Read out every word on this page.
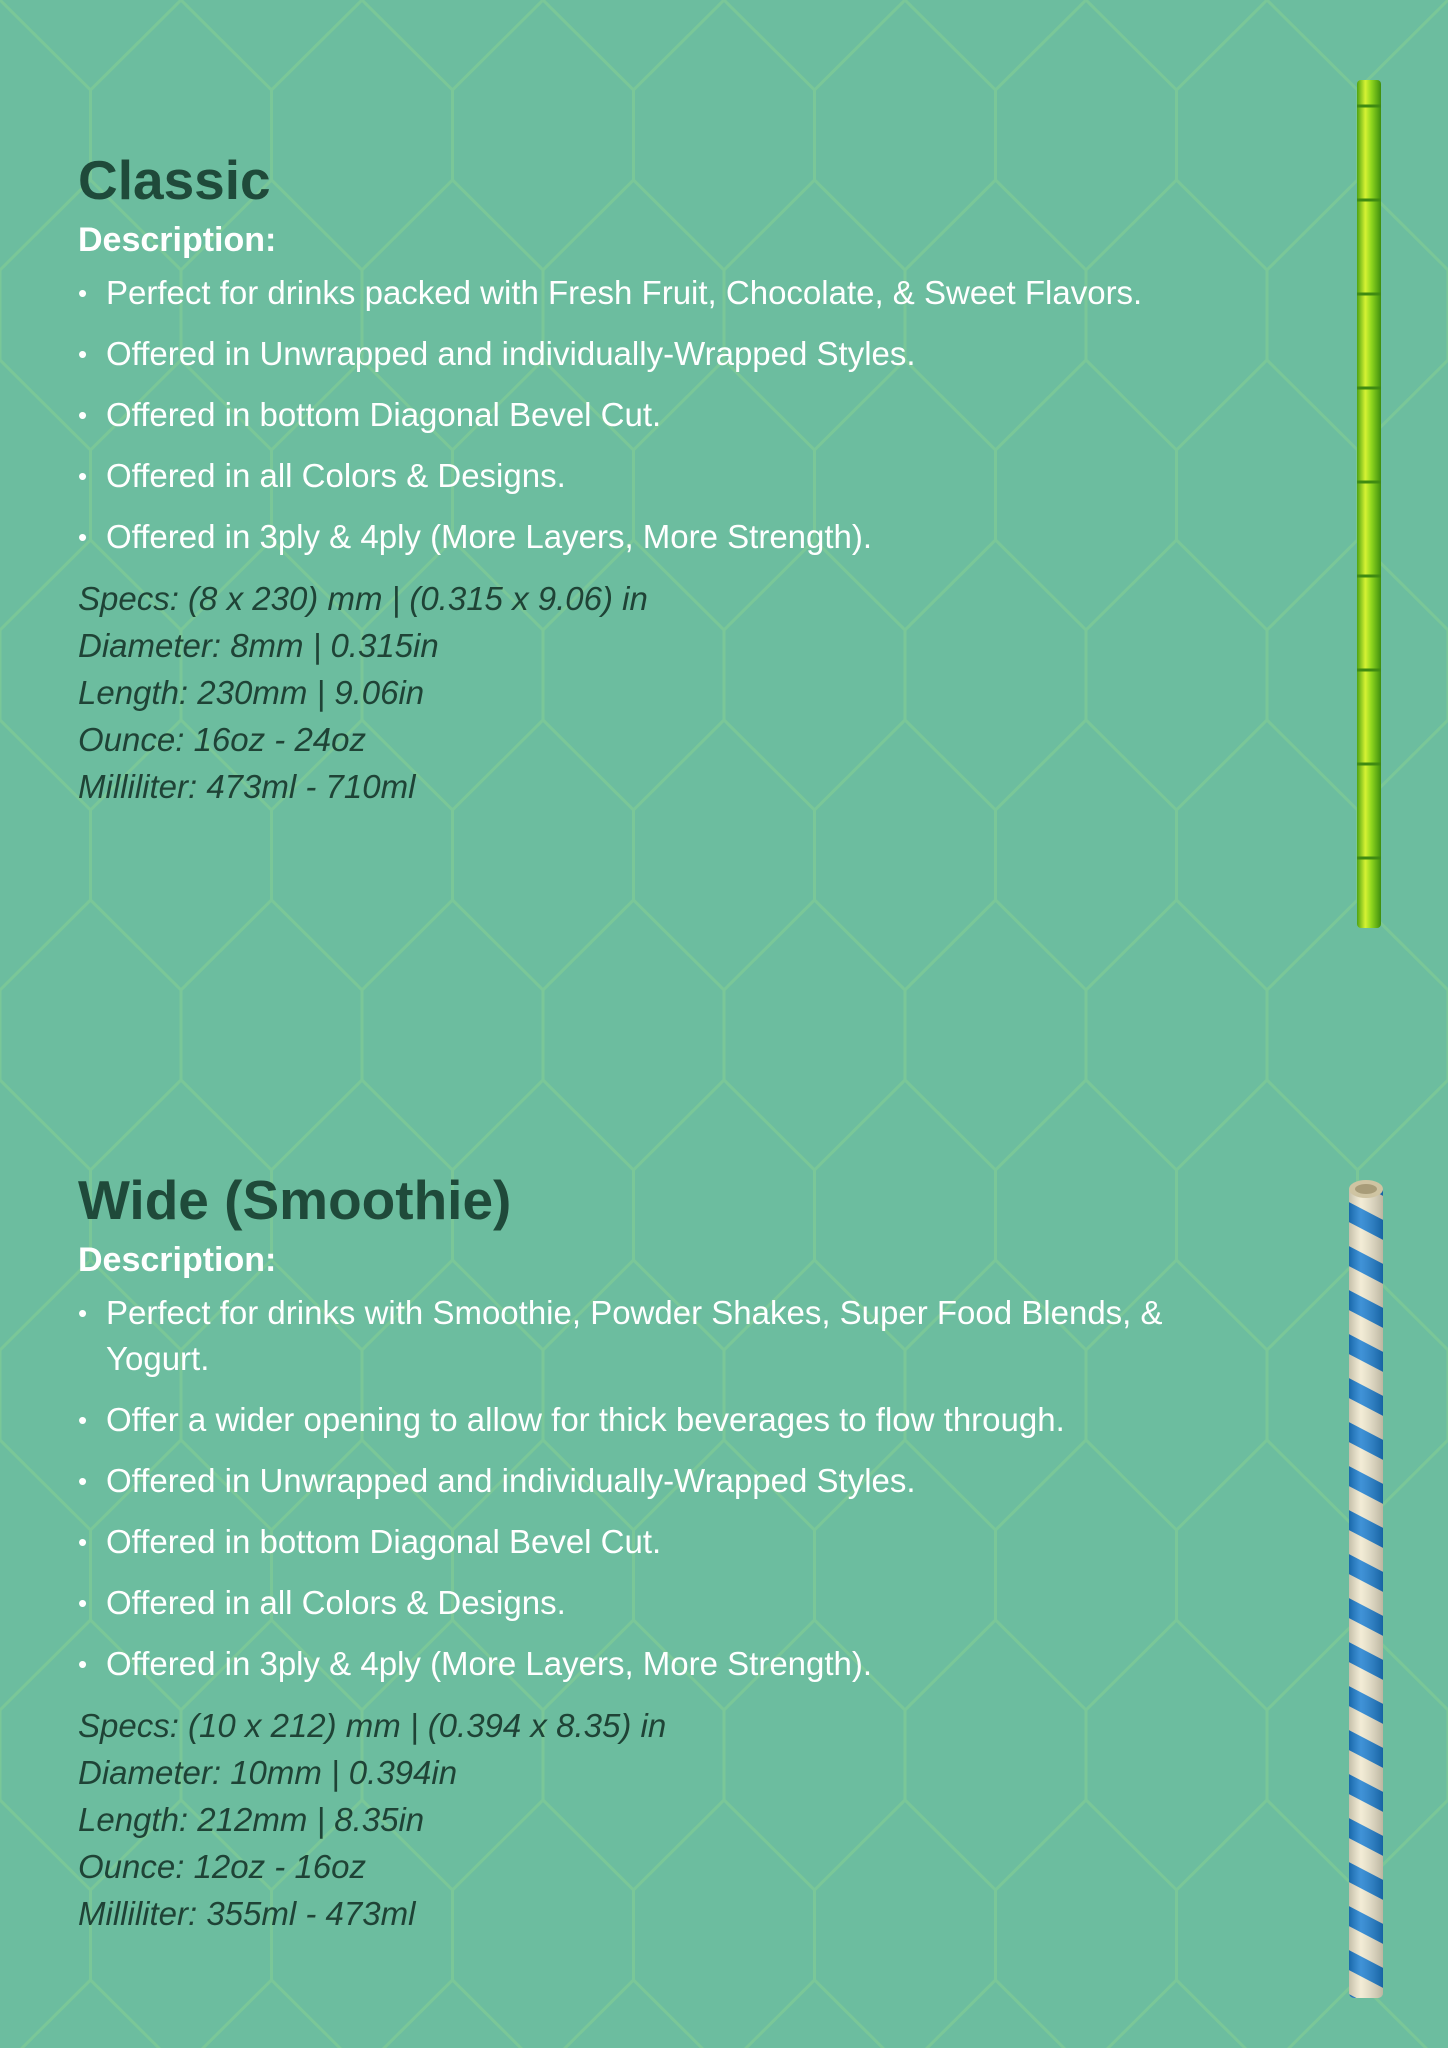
Classic
Description:
• Perfect for drinks packed with Fresh Fruit, Chocolate, & Sweet Flavors.
• Offered in Unwrapped and individually-Wrapped Styles.
• Offered in bottom Diagonal Bevel Cut.
• Offered in all Colors & Designs.
• Offered in 3ply & 4ply (More Layers, More Strength).
Specs: (8 x 230) mm | (0.315 x 9.06) in
Diameter: 8mm | 0.315in
Length: 230mm | 9.06in
Ounce: 16oz - 24oz
Milliliter: 473ml - 710ml
Wide (Smoothie)
Description:
• Perfect for drinks with Smoothie, Powder Shakes, Super Food Blends, & Yogurt.
• Offer a wider opening to allow for thick beverages to flow through.
• Offered in Unwrapped and individually-Wrapped Styles.
• Offered in bottom Diagonal Bevel Cut.
• Offered in all Colors & Designs.
• Offered in 3ply & 4ply (More Layers, More Strength).
Specs: (10 x 212) mm | (0.394 x 8.35) in
Diameter: 10mm | 0.394in
Length: 212mm | 8.35in
Ounce: 12oz - 16oz
Milliliter: 355ml - 473ml
